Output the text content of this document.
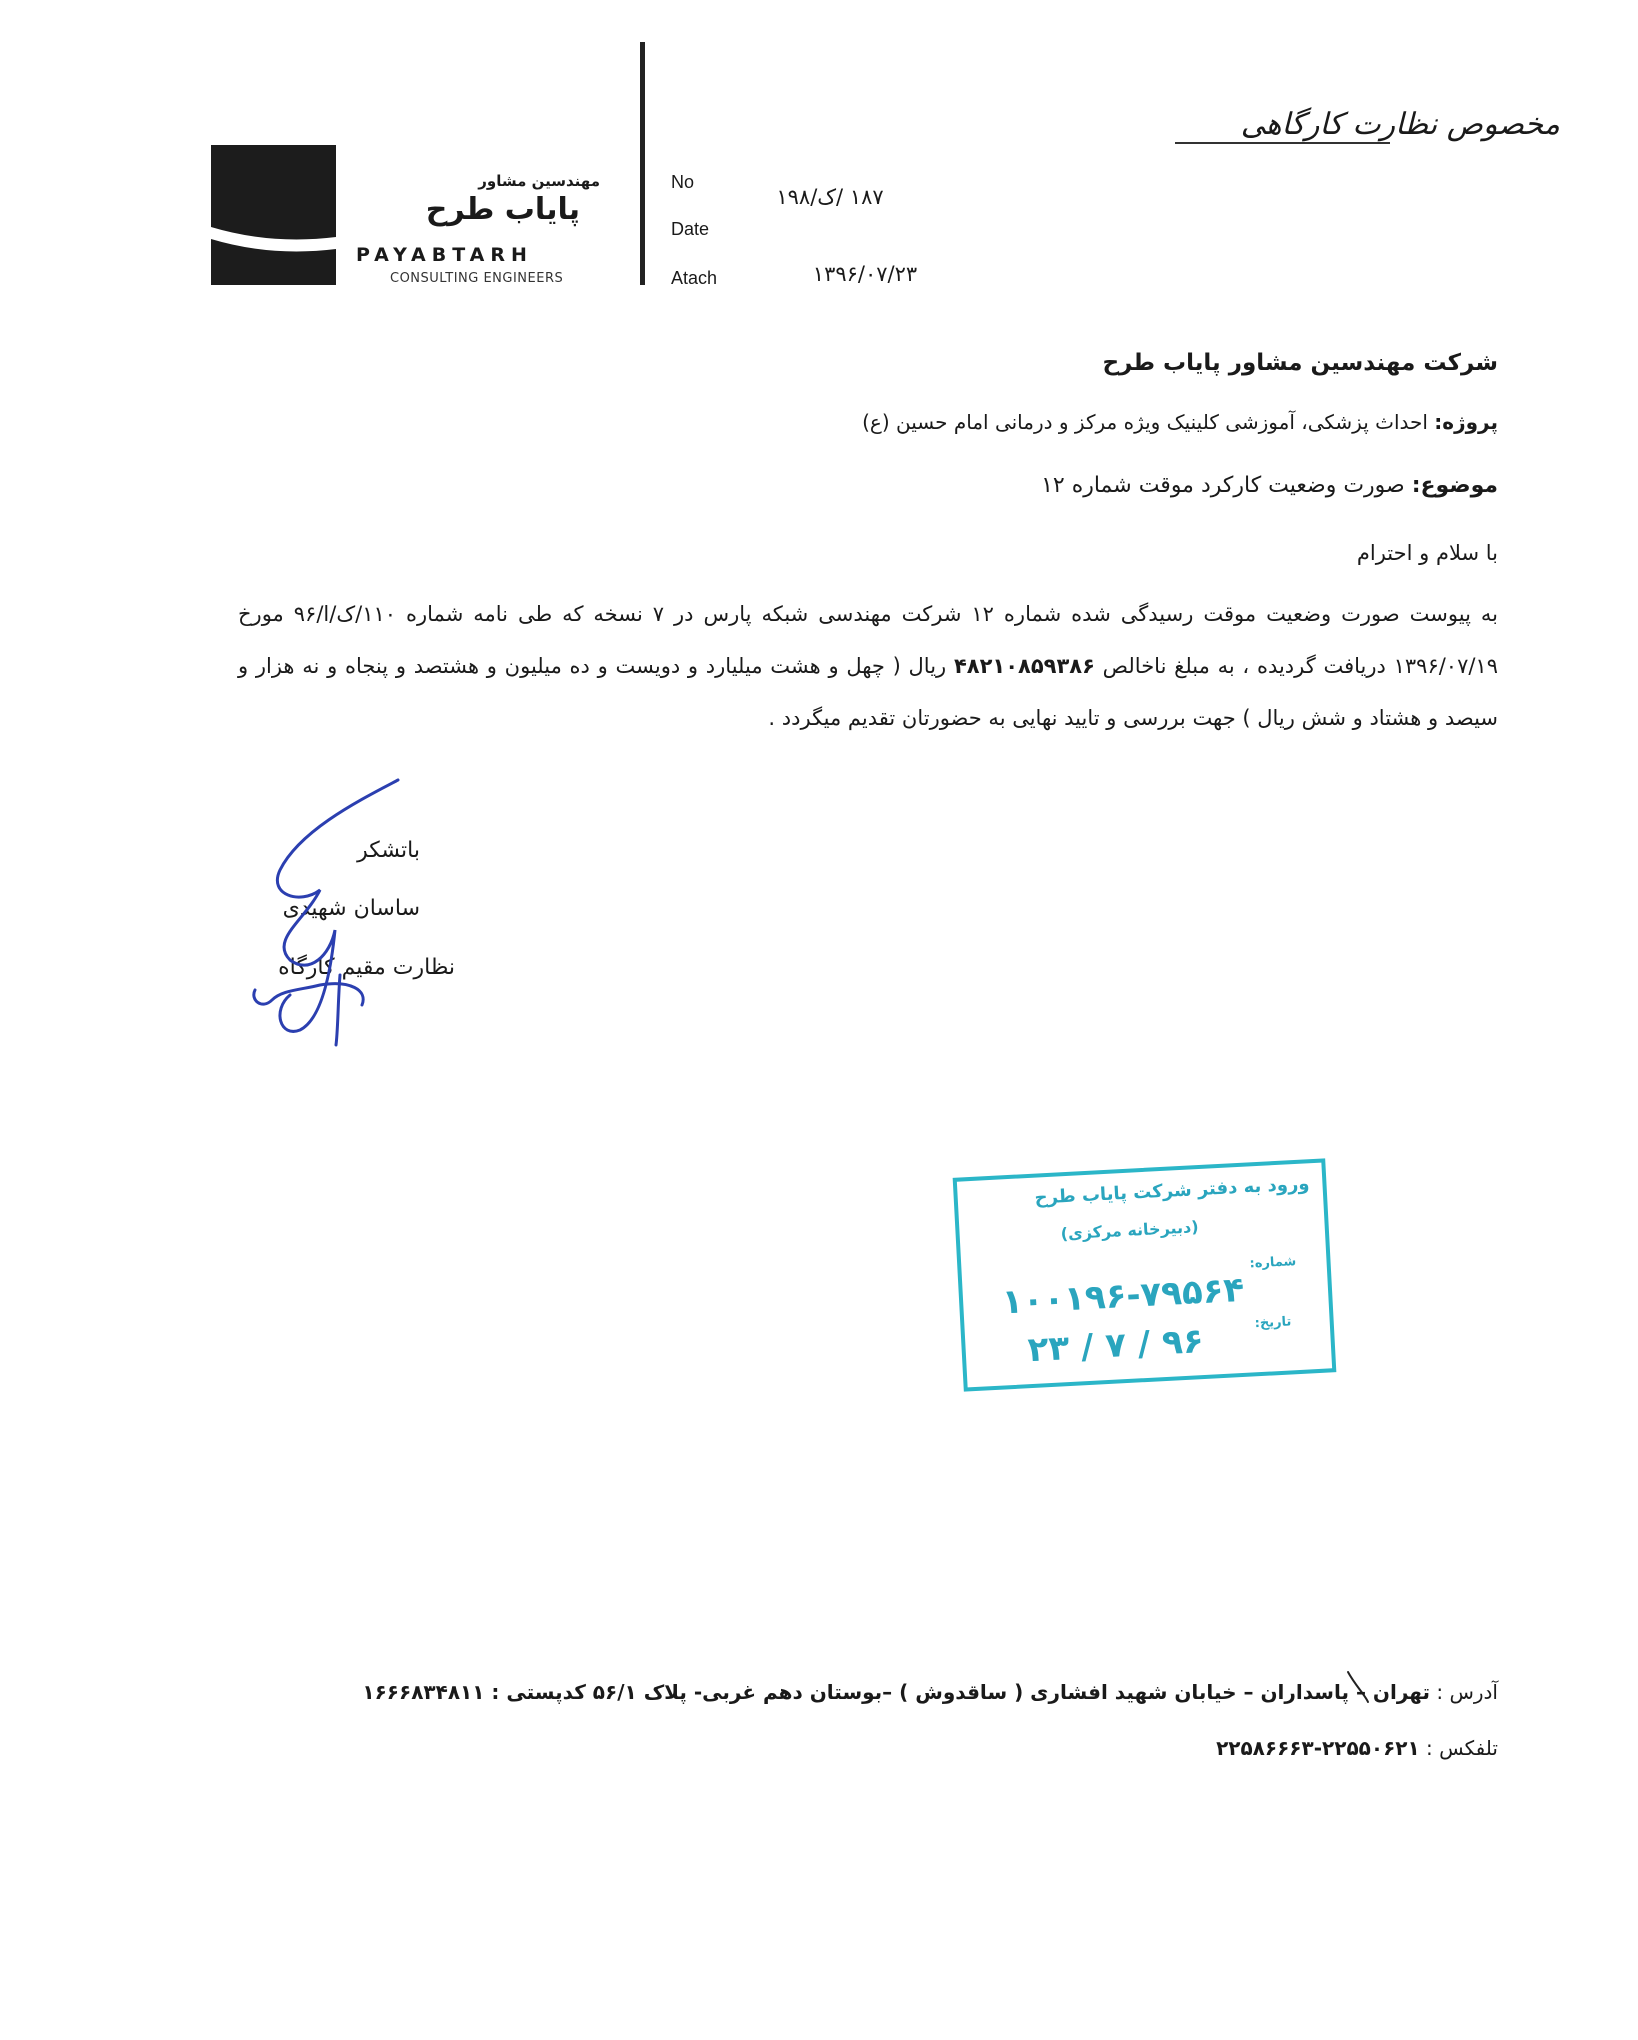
مخصوص نظارت کارگاهی
مهندسین مشاور
پایاب طرح
PAYABTARH
CONSULTING ENGINEERS
No
Date
Atach
۱۸۷ /ک/۱۹۸
۱۳۹۶/۰۷/۲۳
شرکت مهندسین مشاور پایاب طرح
پروژه: احداث پزشکی، آموزشی کلینیک ویژه مرکز و درمانی امام حسین (ع)
موضوع: صورت وضعیت کارکرد موقت شماره ۱۲
با سلام و احترام
به پیوست صورت وضعیت موقت رسیدگی شده شماره ۱۲ شرکت مهندسی شبکه پارس در ۷ نسخه که طی نامه شماره ۱۱۰/ک/ا/۹۶ مورخ ۱۳۹۶/۰۷/۱۹ دریافت گردیده ، به مبلغ ناخالص ۴۸۲۱۰۸۵۹۳۸۶ ریال ( چهل و هشت میلیارد و دویست و ده میلیون و هشتصد و پنجاه و نه هزار و سیصد و هشتاد و شش ریال ) جهت بررسی و تایید نهایی به حضورتان تقدیم میگردد .
باتشکر
ساسان شهیدی
نظارت مقیم کارگاه
ورود به دفتر شرکت پایاب طرح
(دبیرخانه مرکزی)
شماره:
تاریخ:
۱۰۰۱۹۶-۷۹۵۶۴
۹۶ / ۷ / ۲۳
آدرس : تهران – پاسداران – خیابان شهید افشاری ( ساقدوش ) –بوستان دهم غربی- پلاک ۵۶/۱ کدپستی : ۱۶۶۶۸۳۴۸۱۱
تلفکس : ۲۲۵۵۰۶۲۱-۲۲۵۸۶۶۶۳
